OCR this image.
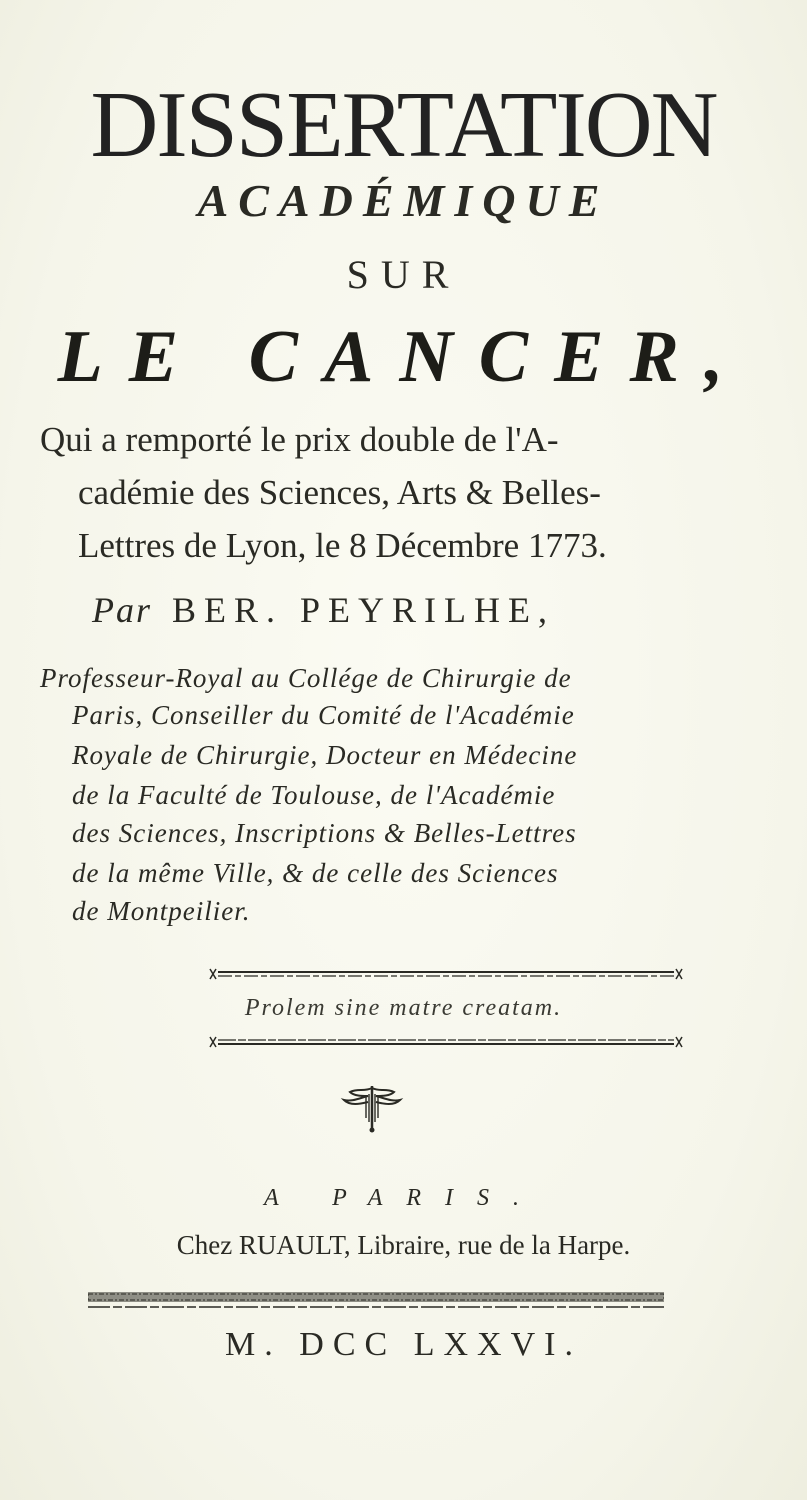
DISSERTATION
ACADÉMIQUE
SUR
LE CANCER,
Qui a remporté le prix double de l'A-
cadémie des Sciences, Arts & Belles-
Lettres de Lyon, le 8 Décembre 1773.
Par BER. PEYRILHE,
Professeur-Royal au Collége de Chirurgie de
Paris, Conseiller du Comité de l'Académie
Royale de Chirurgie, Docteur en Médecine
de la Faculté de Toulouse, de l'Académie
des Sciences, Inscriptions & Belles-Lettres
de la même Ville, & de celle des Sciences
de Montpeilier.
Prolem sine matre creatam.
A PARIS.
Chez RUAULT, Libraire, rue de la Harpe.
M. DCC LXXVI.
